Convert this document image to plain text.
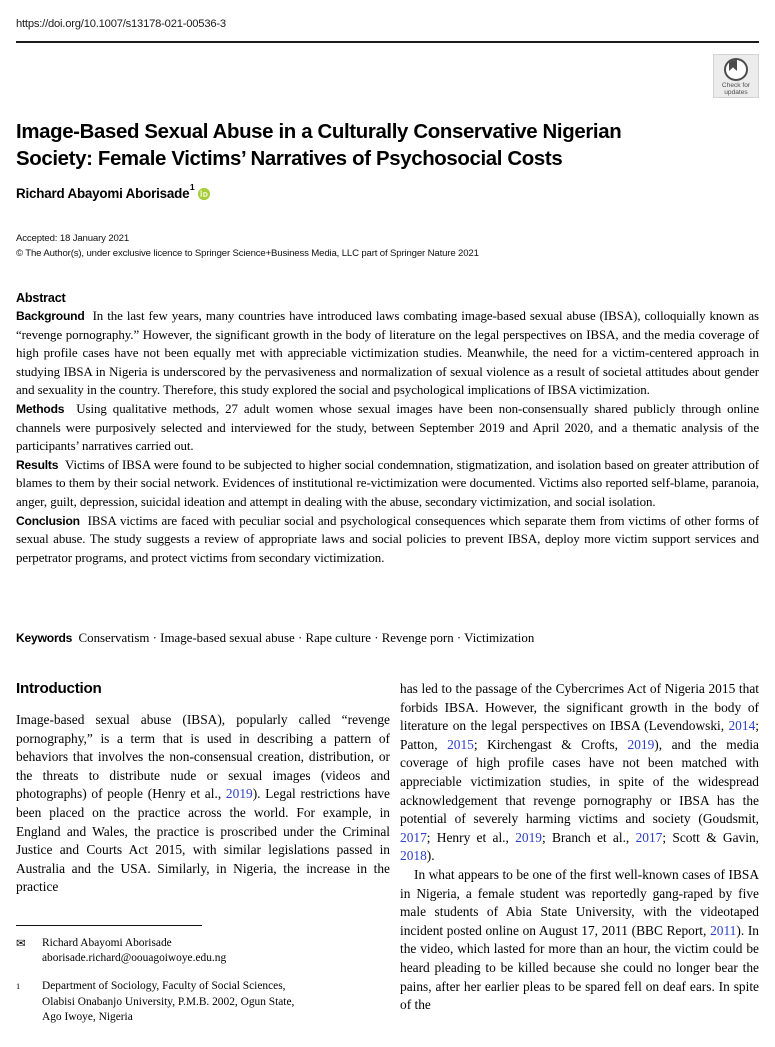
https://doi.org/10.1007/s13178-021-00536-3
Check for
updates
Image-Based Sexual Abuse in a Culturally Conservative Nigerian Society: Female Victims’ Narratives of Psychosocial Costs
Richard Abayomi Aborisade 1
Accepted: 18 January 2021
© The Author(s), under exclusive licence to Springer Science+Business Media, LLC part of Springer Nature 2021
Abstract

Background In the last few years, many countries have introduced laws combating image-based sexual abuse (IBSA), colloquially known as “revenge pornography.” However, the significant growth in the body of literature on the legal perspectives on IBSA, and the media coverage of high profile cases have not been equally met with appreciable victimization studies. Meanwhile, the need for a victim-centered approach in studying IBSA in Nigeria is underscored by the pervasiveness and normalization of sexual violence as a result of societal attitudes about gender and sexuality in the country. Therefore, this study explored the social and psychological implications of IBSA victimization.

Methods Using qualitative methods, 27 adult women whose sexual images have been non-consensually shared publicly through online channels were purposively selected and interviewed for the study, between September 2019 and April 2020, and a thematic analysis of the participants’ narratives carried out.

Results Victims of IBSA were found to be subjected to higher social condemnation, stigmatization, and isolation based on greater attribution of blames to them by their social network. Evidences of institutional re-victimization were documented. Victims also reported self-blame, paranoia, anger, guilt, depression, suicidal ideation and attempt in dealing with the abuse, secondary victimization, and social isolation.

Conclusion IBSA victims are faced with peculiar social and psychological consequences which separate them from victims of other forms of sexual abuse. The study suggests a review of appropriate laws and social policies to prevent IBSA, deploy more victim support services and perpetrator programs, and protect victims from secondary victimization.

Keywords Conservatism · Image-based sexual abuse · Rape culture · Revenge porn · Victimization
Introduction

Image-based sexual abuse (IBSA), popularly called “revenge pornography,” is a term that is used in describing a pattern of behaviors that involves the non-consensual creation, distribution, or the threats to distribute nude or sexual images (videos and photographs) of people (Henry et al., 2019). Legal restrictions have been placed on the practice across the world. For example, in England and Wales, the practice is proscribed under the Criminal Justice and Courts Act 2015, with similar legislations passed in Australia and the USA. Similarly, in Nigeria, the increase in the practice

has led to the passage of the Cybercrimes Act of Nigeria 2015 that forbids IBSA. However, the significant growth in the body of literature on the legal perspectives on IBSA (Levendowski, 2014; Patton, 2015; Kirchengast & Crofts, 2019), and the media coverage of high profile cases have not been matched with appreciable victimization studies, in spite of the widespread acknowledgement that revenge pornography or IBSA has the potential of severely harming victims and society (Goudsmit, 2017; Henry et al., 2019; Branch et al., 2017; Scott & Gavin, 2018).

In what appears to be one of the first well-known cases of IBSA in Nigeria, a female student was reportedly gang-raped by five male students of Abia State University, with the videotaped incident posted online on August 17, 2011 (BBC Report, 2011). In the video, which lasted for more than an hour, the victim could be heard pleading to be killed because she could no longer bear the pains, after her earlier pleas to be spared fell on deaf ears. In spite of the

✉	Richard Abayomi Aborisade
aborisade.richard@oouagoiwoye.edu.ng
1	Department of Sociology, Faculty of Social Sciences,
Olabisi Onabanjo University, P.M.B. 2002, Ogun State,
Ago Iwoye, Nigeria
